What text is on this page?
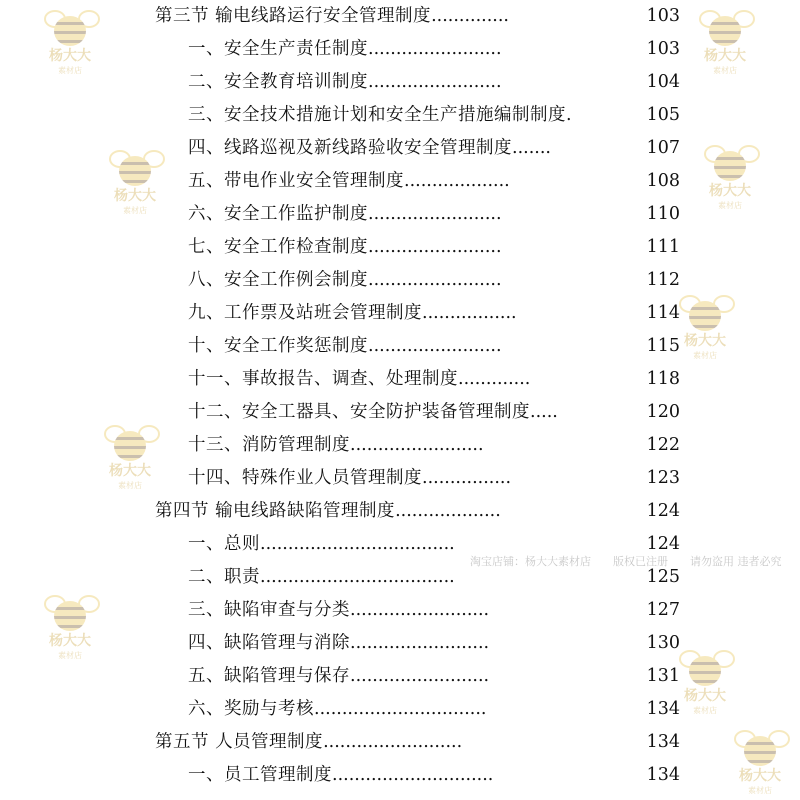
第三节 输电线路运行安全管理制度..............	103
一、安全生产责任制度........................	103
二、安全教育培训制度........................	104
三、安全技术措施计划和安全生产措施编制制度.	105
四、线路巡视及新线路验收安全管理制度.......	107
五、带电作业安全管理制度...................	108
六、安全工作监护制度........................	110
七、安全工作检查制度........................	111
八、安全工作例会制度........................	112
九、工作票及站班会管理制度.................	114
十、安全工作奖惩制度........................	115
十一、事故报告、调查、处理制度.............	118
十二、安全工器具、安全防护装备管理制度.....	120
十三、消防管理制度........................	122
十四、特殊作业人员管理制度................	123
第四节 输电线路缺陷管理制度...................	124
一、总则...................................	124
二、职责...................................	125
三、缺陷审查与分类.........................	127
四、缺陷管理与消除.........................	130
五、缺陷管理与保存.........................	131
六、奖励与考核...............................	134
第五节 人员管理制度.........................	134
一、员工管理制度.............................	134
杨大大
素材店
杨大大
素材店
杨大大
素材店
杨大大
素材店
杨大大
素材店
杨大大
素材店
杨大大
素材店
杨大大
素材店
杨大大
素材店
淘宝店铺：杨大大素材店 版权已注册 请勿盗用 违者必究
